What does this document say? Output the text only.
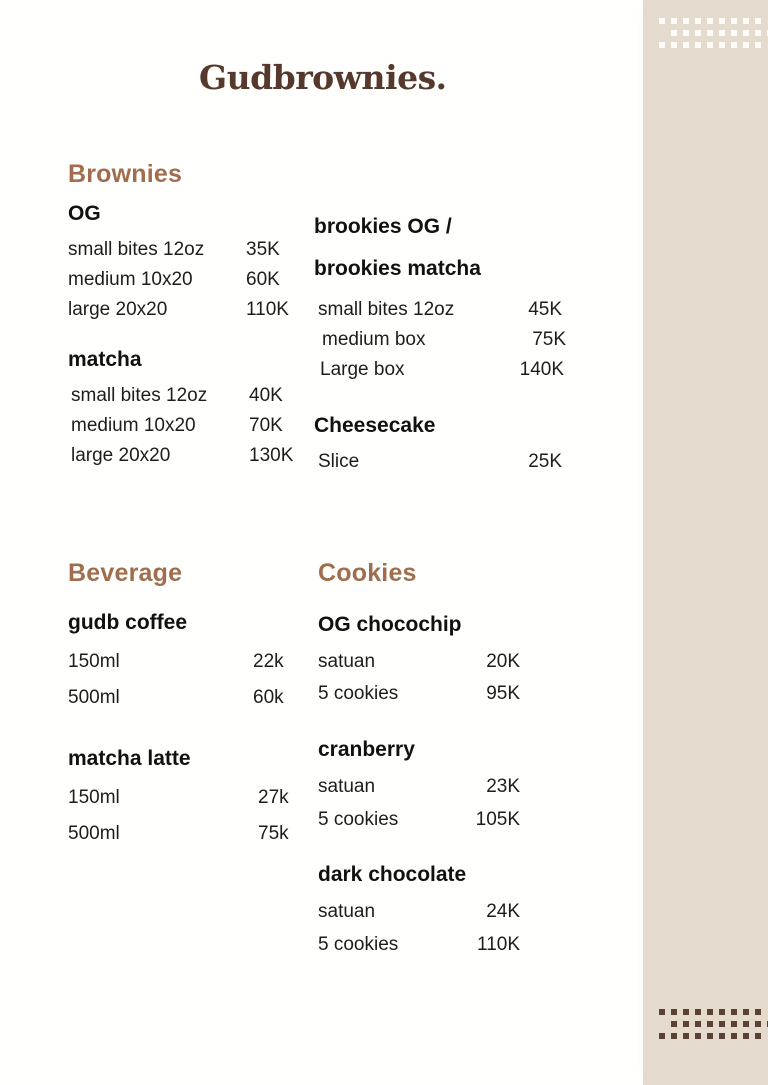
Gudbrownies.
Brownies
OG
small bites 12oz	35K
medium 10x20	60K
large 20x20	110K
matcha
small bites 12oz	40K
medium 10x20	70K
large 20x20	130K
brookies OG /
brookies matcha
small bites 12oz	45K
medium box	75K
Large box	140K
Cheesecake
Slice	25K
Beverage
gudb coffee
150ml	22k
500ml	60k
matcha latte
150ml	27k
500ml	75k
Cookies
OG chocochip
satuan	20K
5 cookies	95K
cranberry
satuan	23K
5 cookies	105K
dark chocolate
satuan	24K
5 cookies	110K
